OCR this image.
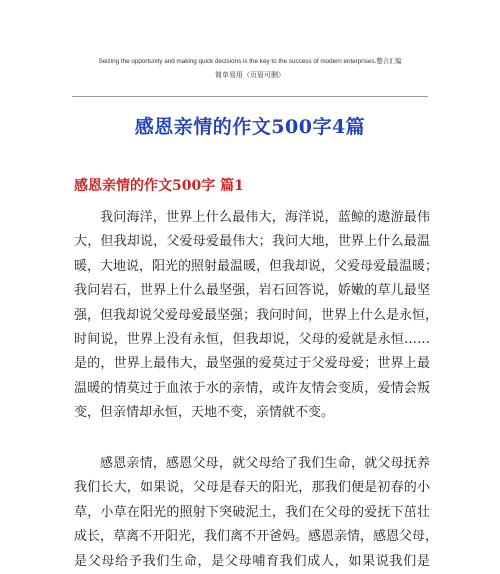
Seizing the opportunity and making quick decisions is the key to the success of modern enterprises.整合汇编
简单易用（页眉可删）
感恩亲情的作文500字4篇
感恩亲情的作文500字 篇1
我问海洋，世界上什么最伟大，海洋说，蓝鲸的遨游最伟
大，但我却说，父爱母爱最伟大；我问大地，世界上什么最温
暖，大地说，阳光的照射最温暖，但我却说，父爱母爱最温暖；
我问岩石，世界上什么最坚强，岩石回答说，娇嫩的草儿最坚
强，但我却说父爱母爱最坚强；我问时间，世界上什么是永恒，
时间说，世界上没有永恒，但我却说，父母的爱就是永恒……
是的，世界上最伟大，最坚强的爱莫过于父爱母爱；世界上最
温暖的情莫过于血浓于水的亲情，或许友情会变质，爱情会叛
变，但亲情却永恒，天地不变，亲情就不变。
感恩亲情，感恩父母，就父母给了我们生命，就父母抚养
我们长大，如果说，父母是春天的阳光，那我们便是初春的小
草，小草在阳光的照射下突破泥土，我们在父母的爱抚下茁壮
成长，草离不开阳光，我们离不开爸妈。感恩亲情，感恩父母，
是父母给予我们生命，是父母哺育我们成人，如果说我们是
